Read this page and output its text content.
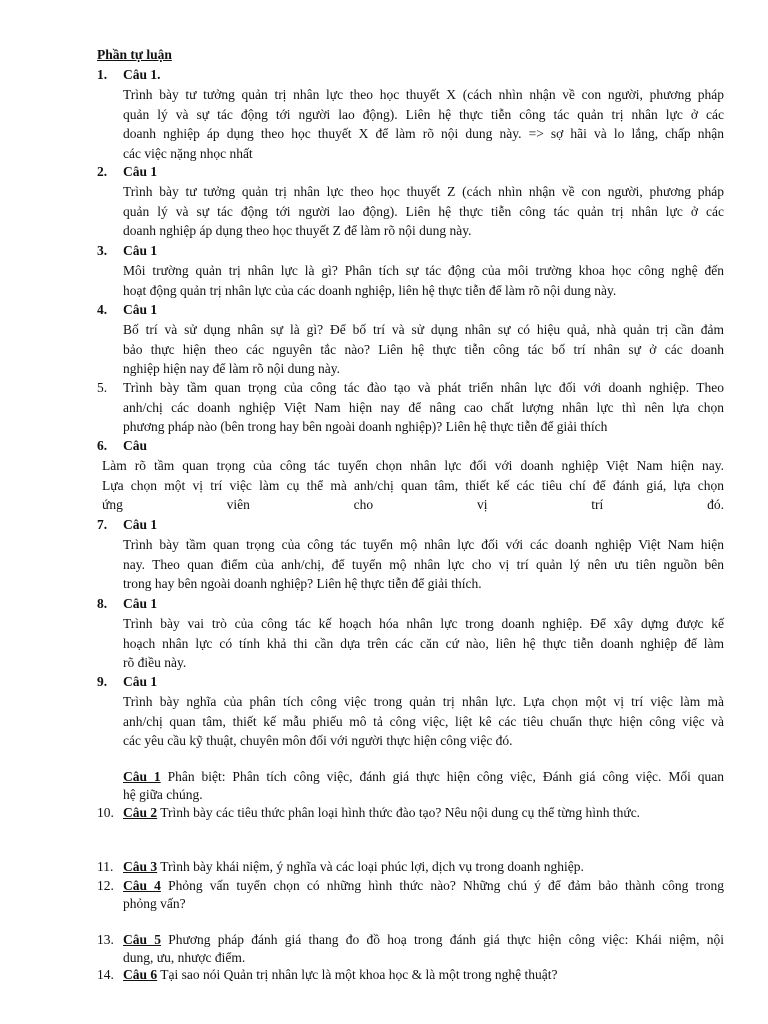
Phần tự luận
1.	Câu 1.
Trình bày tư tưởng quản trị nhân lực theo học thuyết X (cách nhìn nhận về con người, phương pháp
quản lý và sự tác động tới người lao động). Liên hệ thực tiễn công tác quản trị nhân lực ở các
doanh nghiệp áp dụng theo học thuyết X để làm rõ nội dung này. => sợ hãi và lo lắng, chấp nhận
các việc nặng nhọc nhất
2.	Câu 1
Trình bày tư tưởng quản trị nhân lực theo học thuyết Z (cách nhìn nhận về con người, phương pháp
quản lý và sự tác động tới người lao động). Liên hệ thực tiễn công tác quản trị nhân lực ở các
doanh nghiệp áp dụng theo học thuyết Z để làm rõ nội dung này.
3.	Câu 1
Môi trường quản trị nhân lực là gì? Phân tích sự tác động của môi trường khoa học công nghệ đến
hoạt động quản trị nhân lực của các doanh nghiệp, liên hệ thực tiễn để làm rõ nội dung này.
4.	Câu 1
Bố trí và sử dụng nhân sự là gì? Để bố trí và sử dụng nhân sự có hiệu quả, nhà quản trị cần đảm
bảo thực hiện theo các nguyên tắc nào? Liên hệ thực tiễn công tác bố trí nhân sự ở các doanh
nghiệp hiện nay để làm rõ nội dung này.
5.	Trình bày tầm quan trọng của công tác đào tạo và phát triển nhân lực đối với doanh nghiệp. Theo
anh/chị các doanh nghiệp Việt Nam hiện nay để nâng cao chất lượng nhân lực thì nên lựa chọn
phương pháp nào (bên trong hay bên ngoài doanh nghiệp)? Liên hệ thực tiễn để giải thích
6.	Câu
Làm rõ tầm quan trọng của công tác tuyển chọn nhân lực đối với doanh nghiệp Việt Nam hiện nay.
Lựa chọn một vị trí việc làm cụ thể mà anh/chị quan tâm, thiết kế các tiêu chí để đánh giá, lựa chọn
ứng viên cho vị trí đó.
7.	Câu 1
Trình bày tầm quan trọng của công tác tuyển mộ nhân lực đối với các doanh nghiệp Việt Nam hiện
nay. Theo quan điểm của anh/chị, để tuyển mộ nhân lực cho vị trí quản lý nên ưu tiên nguồn bên
trong hay bên ngoài doanh nghiệp? Liên hệ thực tiễn để giải thích.
8.	Câu 1
Trình bày vai trò của công tác kế hoạch hóa nhân lực trong doanh nghiệp. Để xây dựng được kế
hoạch nhân lực có tính khả thi cần dựa trên các căn cứ nào, liên hệ thực tiễn doanh nghiệp để làm
rõ điều này.
9.	Câu 1
Trình bày nghĩa của phân tích công việc trong quản trị nhân lực. Lựa chọn một vị trí việc làm mà
anh/chị quan tâm, thiết kế mẫu phiếu mô tả công việc, liệt kê các tiêu chuẩn thực hiện công việc và
các yêu cầu kỹ thuật, chuyên môn đối với người thực hiện công việc đó.
Câu 1 Phân biệt: Phân tích công việc, đánh giá thực hiện công việc, Đánh giá công việc. Mối quan
hệ giữa chúng.
10. Câu 2 Trình bày các tiêu thức phân loại hình thức đào tạo? Nêu nội dung cụ thể từng hình thức.
11. Câu 3 Trình bày khái niệm, ý nghĩa và các loại phúc lợi, dịch vụ trong doanh nghiệp.
12. Câu 4 Phỏng vấn tuyển chọn có những hình thức nào? Những chú ý để đảm bảo thành công trong
phỏng vấn?
13. Câu 5 Phương pháp đánh giá thang đo đồ hoạ trong đánh giá thực hiện công việc: Khái niệm, nội
dung, ưu, nhược điểm.
14. Câu 6 Tại sao nói Quản trị nhân lực là một khoa học & là một trong nghệ thuật?
